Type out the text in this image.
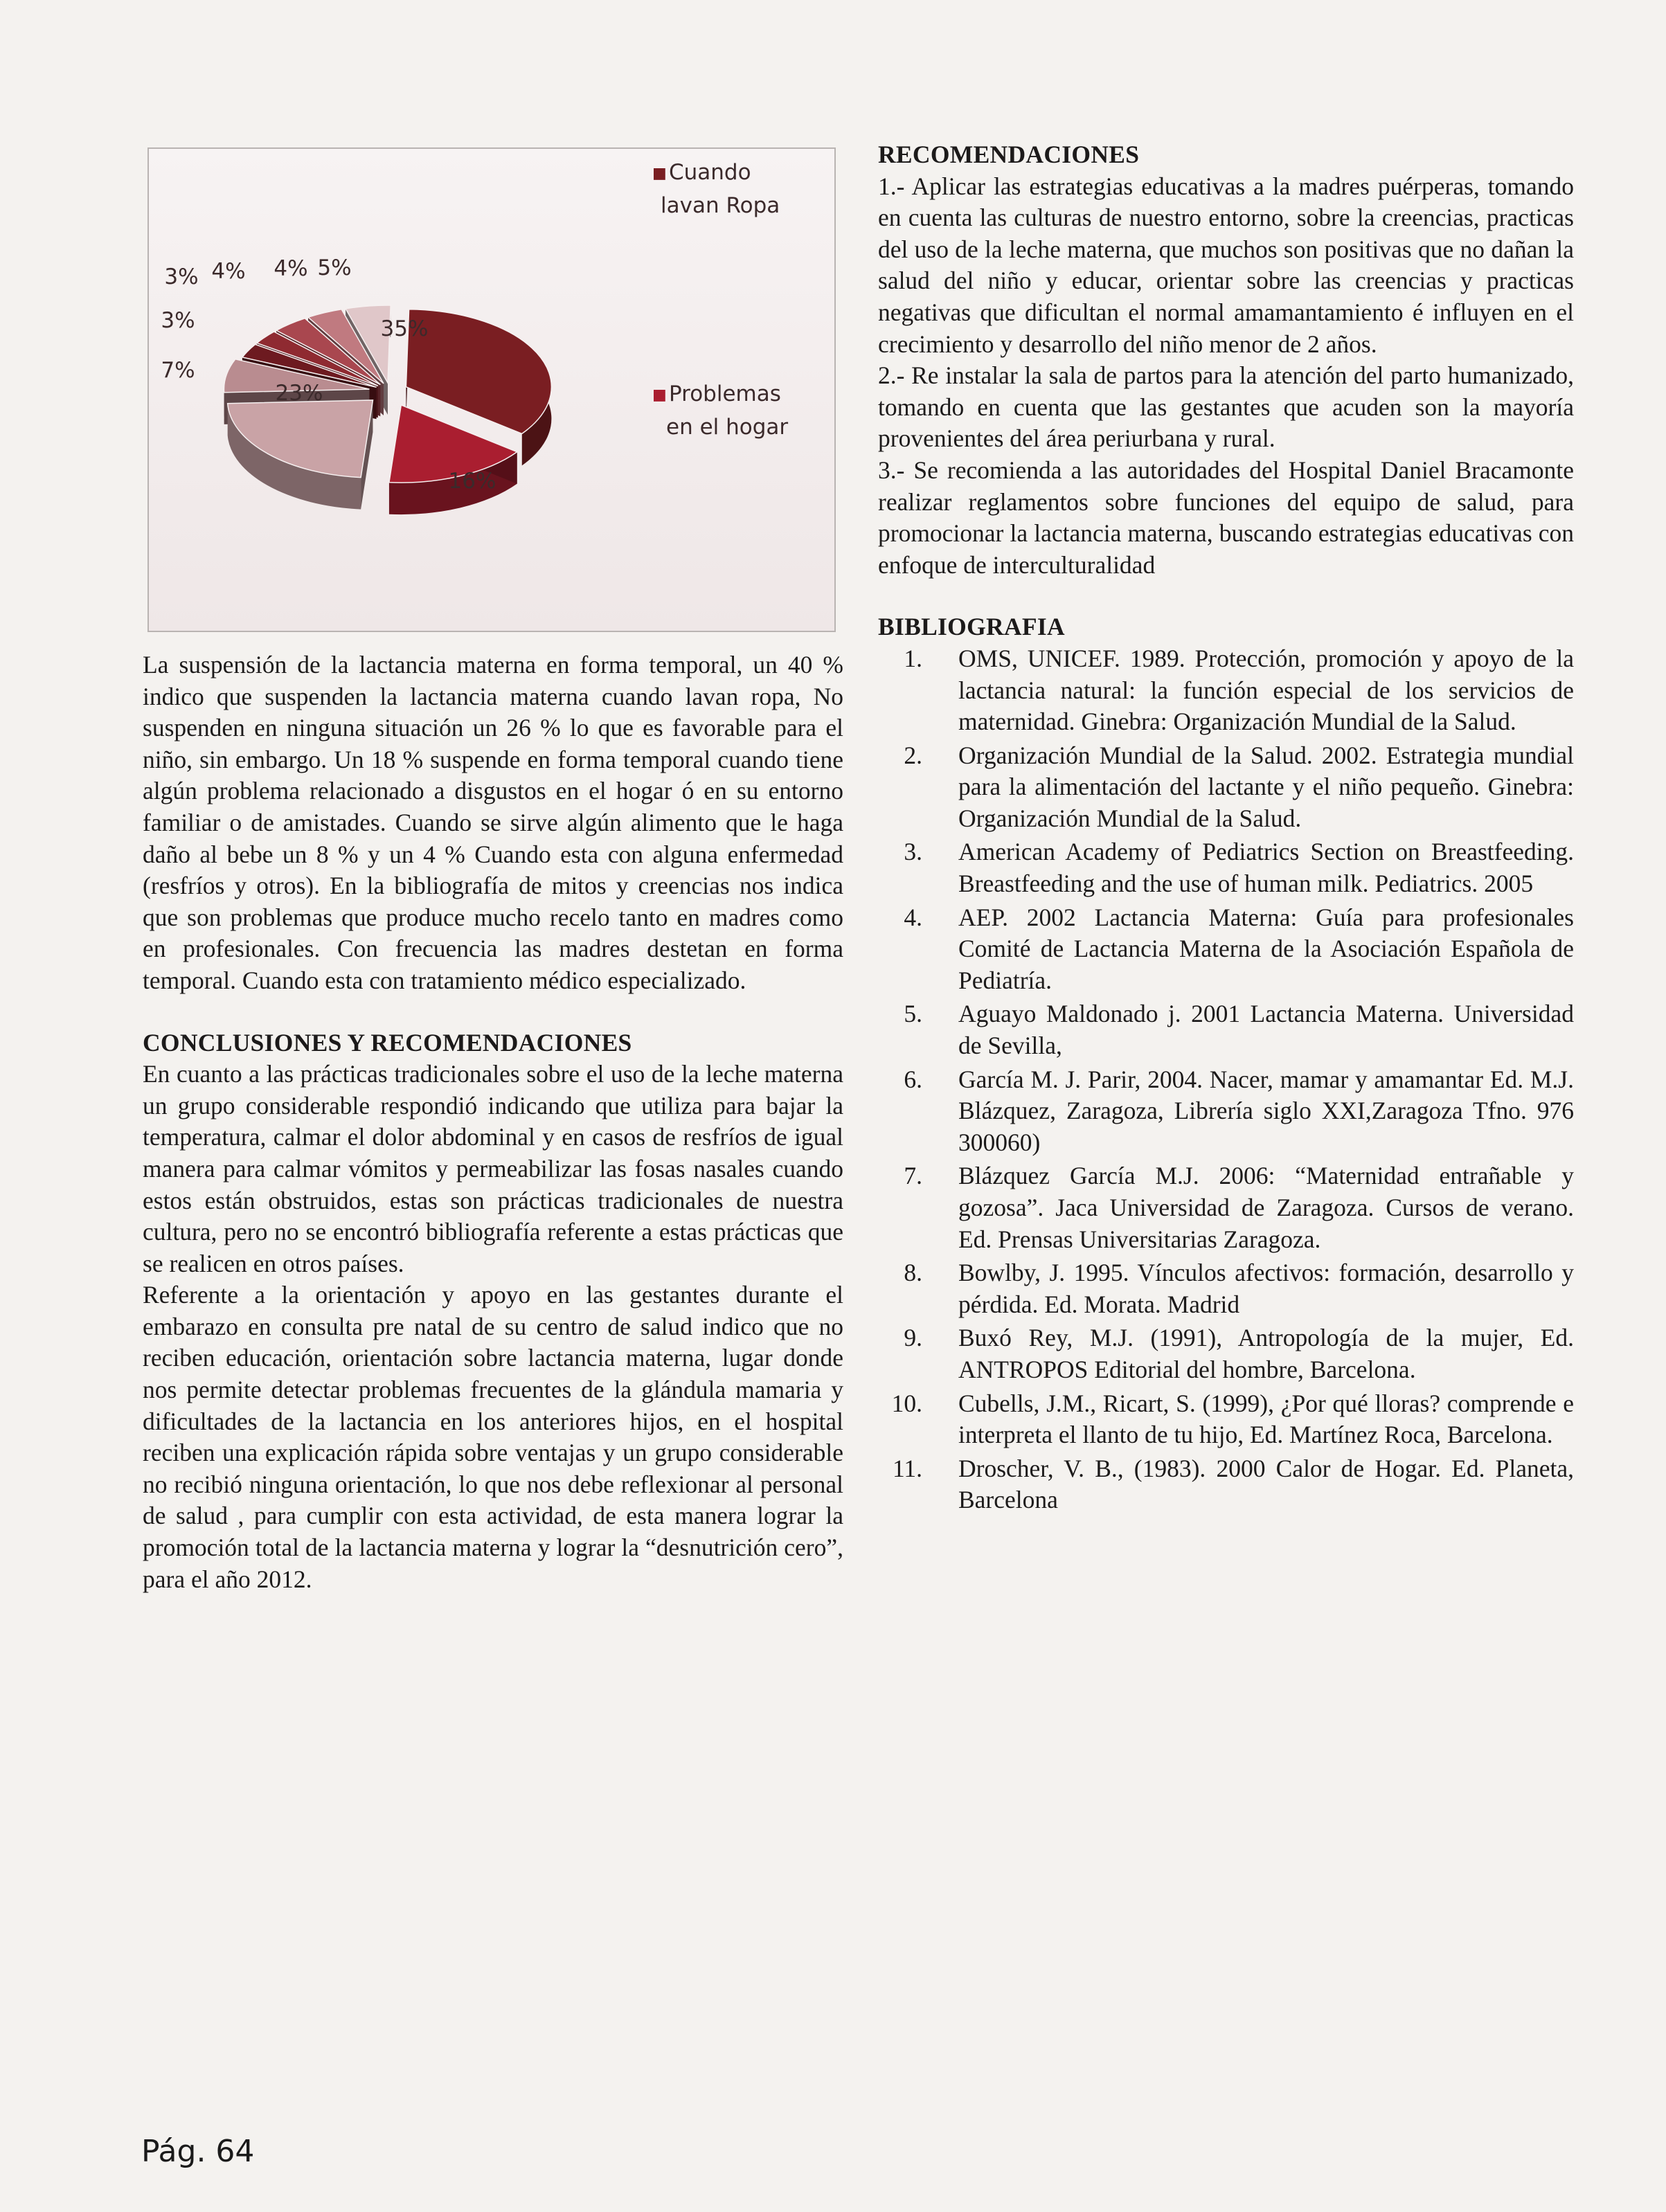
35%
16%
23%
7%
3%
3% 4% 4% 5%
■ Cuando
lavan Ropa
■ Problemas
en el hogar

La suspensión de la lactancia materna en forma temporal, un 40 % indico que suspenden la lactancia materna cuando lavan ropa, No suspenden en ninguna situación un 26 % lo que es favorable para el niño, sin embargo. Un 18 % suspende en forma temporal cuando tiene algún problema relacionado a disgustos en el hogar ó en su entorno familiar o de amistades. Cuando se sirve algún alimento que le haga daño al bebe un 8 % y un 4 % Cuando esta con alguna enfermedad (resfríos y otros). En la bibliografía de mitos y creencias nos indica que son problemas que produce mucho recelo tanto en madres como en profesionales. Con frecuencia las madres destetan en forma temporal. Cuando esta con tratamiento médico especializado.

CONCLUSIONES Y RECOMENDACIONES

En cuanto a las prácticas tradicionales sobre el uso de la leche materna un grupo considerable respondió indicando que utiliza para bajar la temperatura, calmar el dolor abdominal y en casos de resfríos de igual manera para calmar vómitos y permeabilizar las fosas nasales cuando estos están obstruidos, estas son prácticas tradicionales de nuestra cultura, pero no se encontró bibliografía referente a estas prácticas que se realicen en otros países.

Referente a la orientación y apoyo en las gestantes durante el embarazo en consulta pre natal de su centro de salud indico que no reciben educación, orientación sobre lactancia materna, lugar donde nos permite detectar problemas frecuentes de la glándula mamaria y dificultades de la lactancia en los anteriores hijos, en el hospital reciben una explicación rápida sobre ventajas y un grupo considerable no recibió ninguna orientación, lo que nos debe reflexionar al personal de salud , para cumplir con esta actividad, de esta manera lograr la promoción total de la lactancia materna y lograr la “desnutrición cero”, para el año 2012.

RECOMENDACIONES

1.- Aplicar las estrategias educativas a la madres puérperas, tomando en cuenta las culturas de nuestro entorno, sobre la creencias, practicas del uso de la leche materna, que muchos son positivas que no dañan la salud del niño y educar, orientar sobre las creencias y practicas negativas que dificultan el normal amamantamiento é influyen en el crecimiento y desarrollo del niño menor de 2 años.

2.- Re instalar la sala de partos para la atención del parto humanizado, tomando en cuenta que las gestantes que acuden son la mayoría provenientes del área periurbana y rural.

3.- Se recomienda a las autoridades del Hospital Daniel Bracamonte realizar reglamentos sobre funciones del equipo de salud, para promocionar la lactancia materna, buscando estrategias educativas con enfoque de interculturalidad

BIBLIOGRAFIA
1. OMS, UNICEF. 1989. Protección, promoción y apoyo de la lactancia natural: la función especial de los servicios de maternidad. Ginebra: Organización Mundial de la Salud.
2. Organización Mundial de la Salud. 2002. Estrategia mundial para la alimentación del lactante y el niño pequeño. Ginebra: Organización Mundial de la Salud.
3. American Academy of Pediatrics Section on Breastfeeding. Breastfeeding and the use of human milk. Pediatrics. 2005
4. AEP. 2002 Lactancia Materna: Guía para profesionales Comité de Lactancia Materna de la Asociación Española de Pediatría.
5. Aguayo Maldonado j. 2001 Lactancia Materna. Universidad de Sevilla,
6. García M. J. Parir, 2004. Nacer, mamar y amamantar Ed. M.J. Blázquez, Zaragoza, Librería siglo XXI,Zaragoza Tfno. 976 300060)
7. Blázquez García M.J. 2006: “Maternidad entrañable y gozosa”. Jaca Universidad de Zaragoza. Cursos de verano. Ed. Prensas Universitarias Zaragoza.
8. Bowlby, J. 1995. Vínculos afectivos: formación, desarrollo y pérdida. Ed. Morata. Madrid
9. Buxó Rey, M.J. (1991), Antropología de la mujer, Ed. ANTROPOS Editorial del hombre, Barcelona.
10. Cubells, J.M., Ricart, S. (1999), ¿Por qué lloras? comprende e interpreta el llanto de tu hijo, Ed. Martínez Roca, Barcelona.
11. Droscher, V. B., (1983). 2000 Calor de Hogar. Ed. Planeta, Barcelona
Pág. 64
